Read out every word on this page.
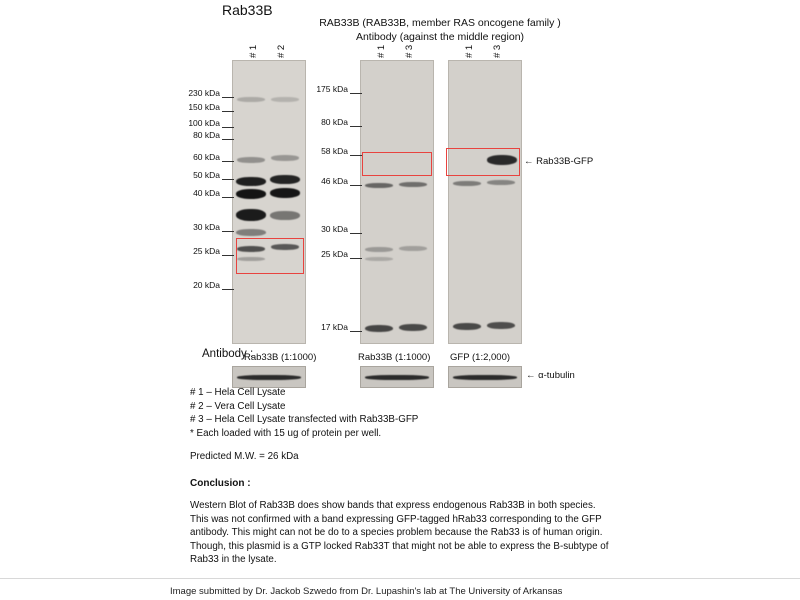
Rab33B
RAB33B (RAB33B, member RAS oncogene family ) Antibody (against the middle region)
# 1 # 2	# 1 # 3	# 1 # 3
230 kDa
150 kDa
100 kDa
80 kDa
60 kDa
50 kDa
40 kDa
30 kDa
25 kDa
20 kDa
175 kDa
80 kDa
58 kDa
46 kDa
30 kDa
25 kDa
17 kDa
← Rab33B-GFP
Antibody :
Rab33B (1:1000)	Rab33B (1:1000) GFP (1:2,000)
← α-tubulin
# 1 – Hela Cell Lysate
# 2 – Vera Cell Lysate
# 3 – Hela Cell Lysate transfected with Rab33B-GFP
* Each loaded with 15 ug of protein per well.
Predicted M.W. = 26 kDa
Conclusion :
Western Blot of Rab33B does show bands that express endogenous Rab33B in both species. This was not confirmed with a band expressing GFP-tagged hRab33 corresponding to the GFP antibody. This might can not be do to a species problem because the Rab33 is of human origin. Though, this plasmid is a GTP locked Rab33T that might not be able to express the B-subtype of Rab33 in the lysate.
Image submitted by Dr. Jackob Szwedo from Dr. Lupashin's lab at The University of Arkansas
